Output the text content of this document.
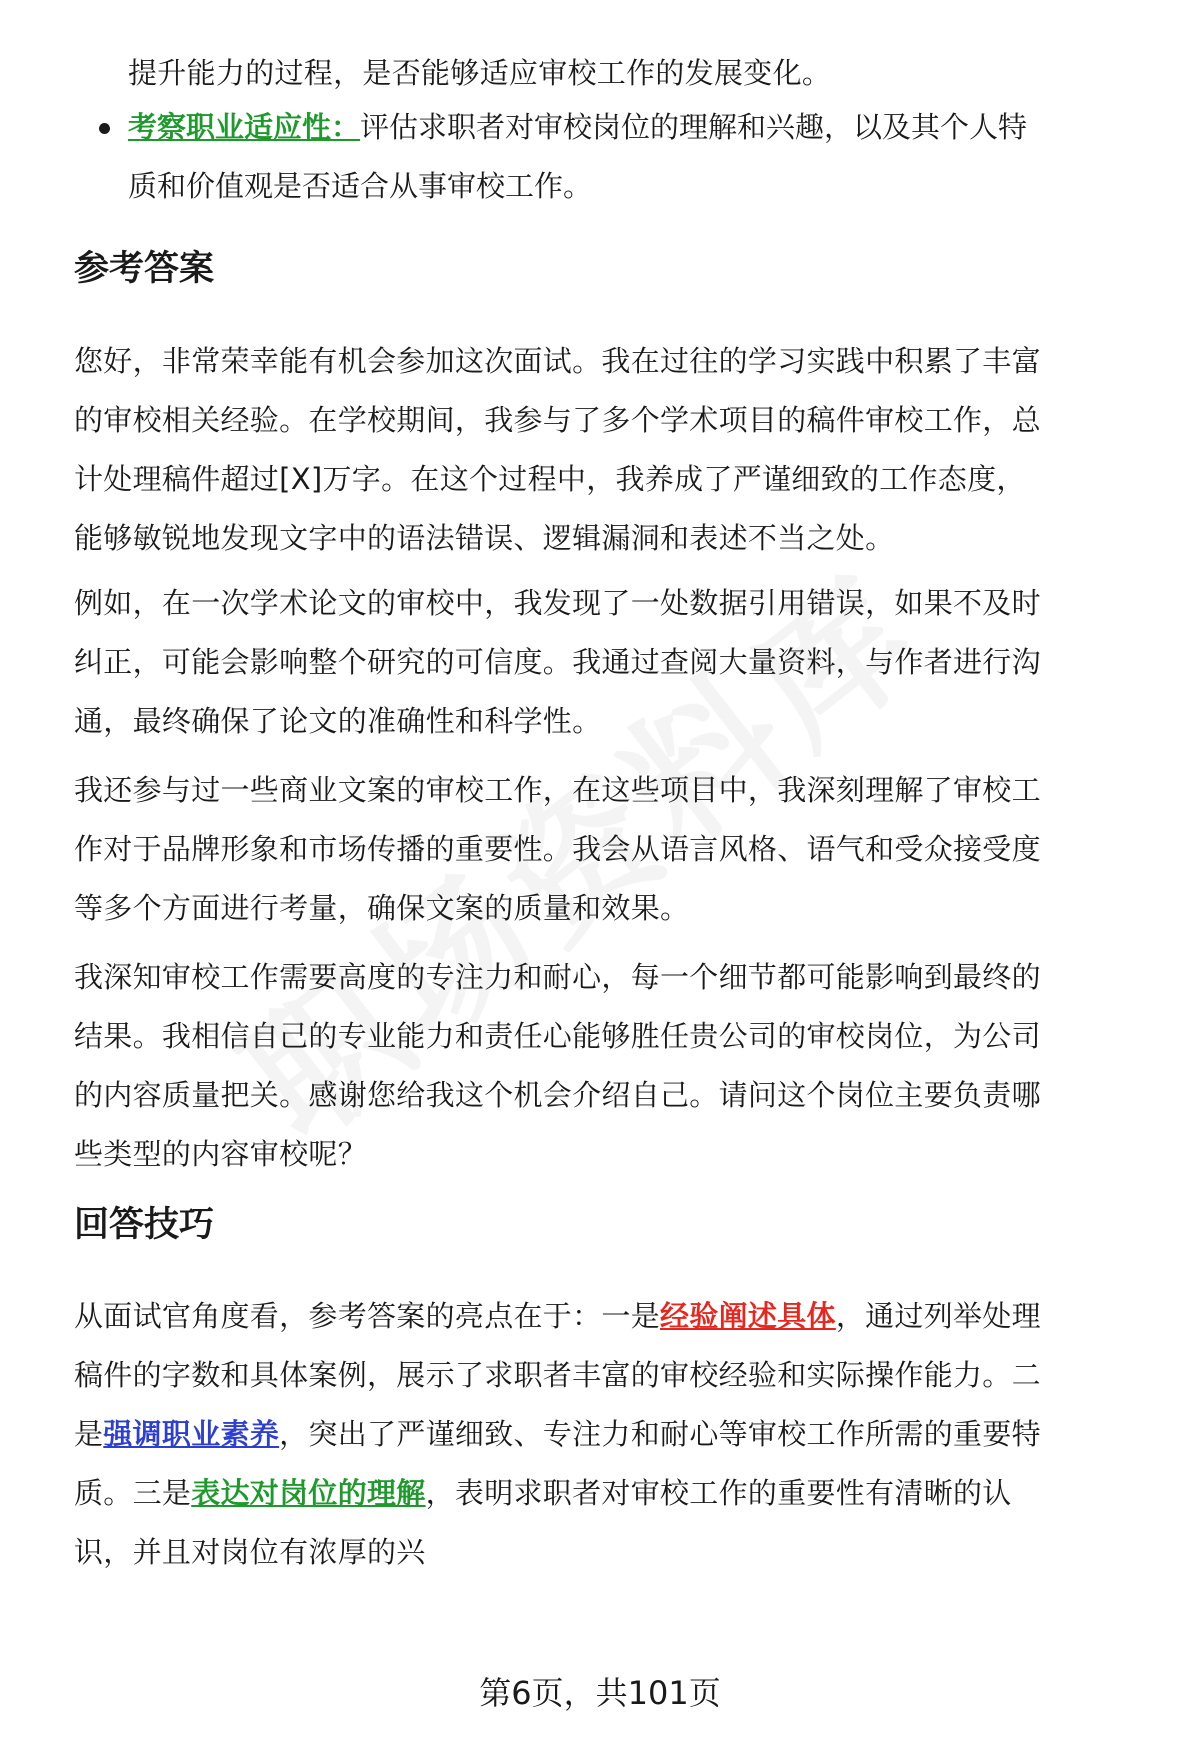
提升能力的过程，是否能够适应审校工作的发展变化。
考察职业适应性：评估求职者对审校岗位的理解和兴趣，以及其个人特质和价值观是否适合从事审校工作。
参考答案
您好，非常荣幸能有机会参加这次面试。我在过往的学习实践中积累了丰富的审校相关经验。在学校期间，我参与了多个学术项目的稿件审校工作，总计处理稿件超过[X]万字。在这个过程中，我养成了严谨细致的工作态度，能够敏锐地发现文字中的语法错误、逻辑漏洞和表述不当之处。
例如，在一次学术论文的审校中，我发现了一处数据引用错误，如果不及时纠正，可能会影响整个研究的可信度。我通过查阅大量资料，与作者进行沟通，最终确保了论文的准确性和科学性。
我还参与过一些商业文案的审校工作，在这些项目中，我深刻理解了审校工作对于品牌形象和市场传播的重要性。我会从语言风格、语气和受众接受度等多个方面进行考量，确保文案的质量和效果。
我深知审校工作需要高度的专注力和耐心，每一个细节都可能影响到最终的结果。我相信自己的专业能力和责任心能够胜任贵公司的审校岗位，为公司的内容质量把关。感谢您给我这个机会介绍自己。请问这个岗位主要负责哪些类型的内容审校呢？
回答技巧
从面试官角度看，参考答案的亮点在于：一是经验阐述具体，通过列举处理稿件的字数和具体案例，展示了求职者丰富的审校经验和实际操作能力。二是强调职业素养，突出了严谨细致、专注力和耐心等审校工作所需的重要特质。三是表达对岗位的理解，表明求职者对审校工作的重要性有清晰的认识，并且对岗位有浓厚的兴
第6页，共101页
